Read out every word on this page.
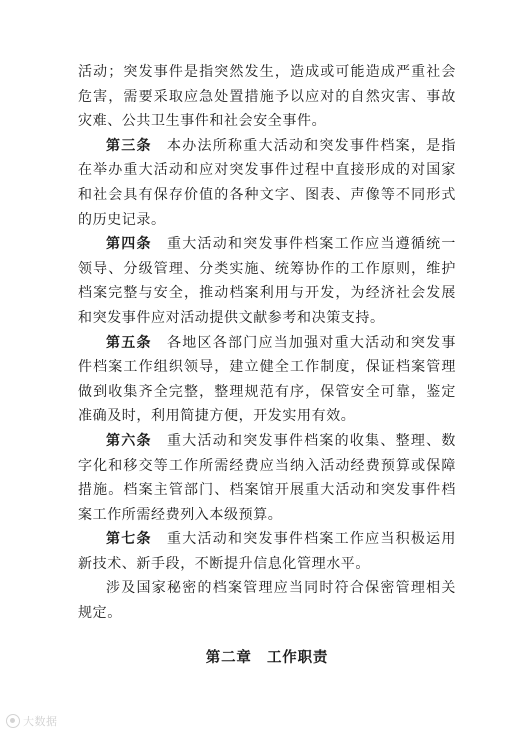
活动；突发事件是指突然发生，造成或可能造成严重社会危害，需要采取应急处置措施予以应对的自然灾害、事故灾难、公共卫生事件和社会安全事件。

第三条　 本办法所称重大活动和突发事件档案，是指在举办重大活动和应对突发事件过程中直接形成的对国家和社会具有保存价值的各种文字、图表、声像等不同形式的历史记录。

第四条　 重大活动和突发事件档案工作应当遵循统一领导、分级管理、分类实施、统筹协作的工作原则，维护档案完整与安全，推动档案利用与开发，为经济社会发展和突发事件应对活动提供文献参考和决策支持。

第五条　 各地区各部门应当加强对重大活动和突发事件档案工作组织领导，建立健全工作制度，保证档案管理做到收集齐全完整，整理规范有序，保管安全可靠，鉴定准确及时，利用简捷方便，开发实用有效。

第六条　 重大活动和突发事件档案的收集、整理、数字化和移交等工作所需经费应当纳入活动经费预算或保障措施。档案主管部门、档案馆开展重大活动和突发事件档案工作所需经费列入本级预算。

第七条　 重大活动和突发事件档案工作应当积极运用新技术、新手段，不断提升信息化管理水平。

涉及国家秘密的档案管理应当同时符合保密管理相关规定。

第二章　工作职责
大数据
